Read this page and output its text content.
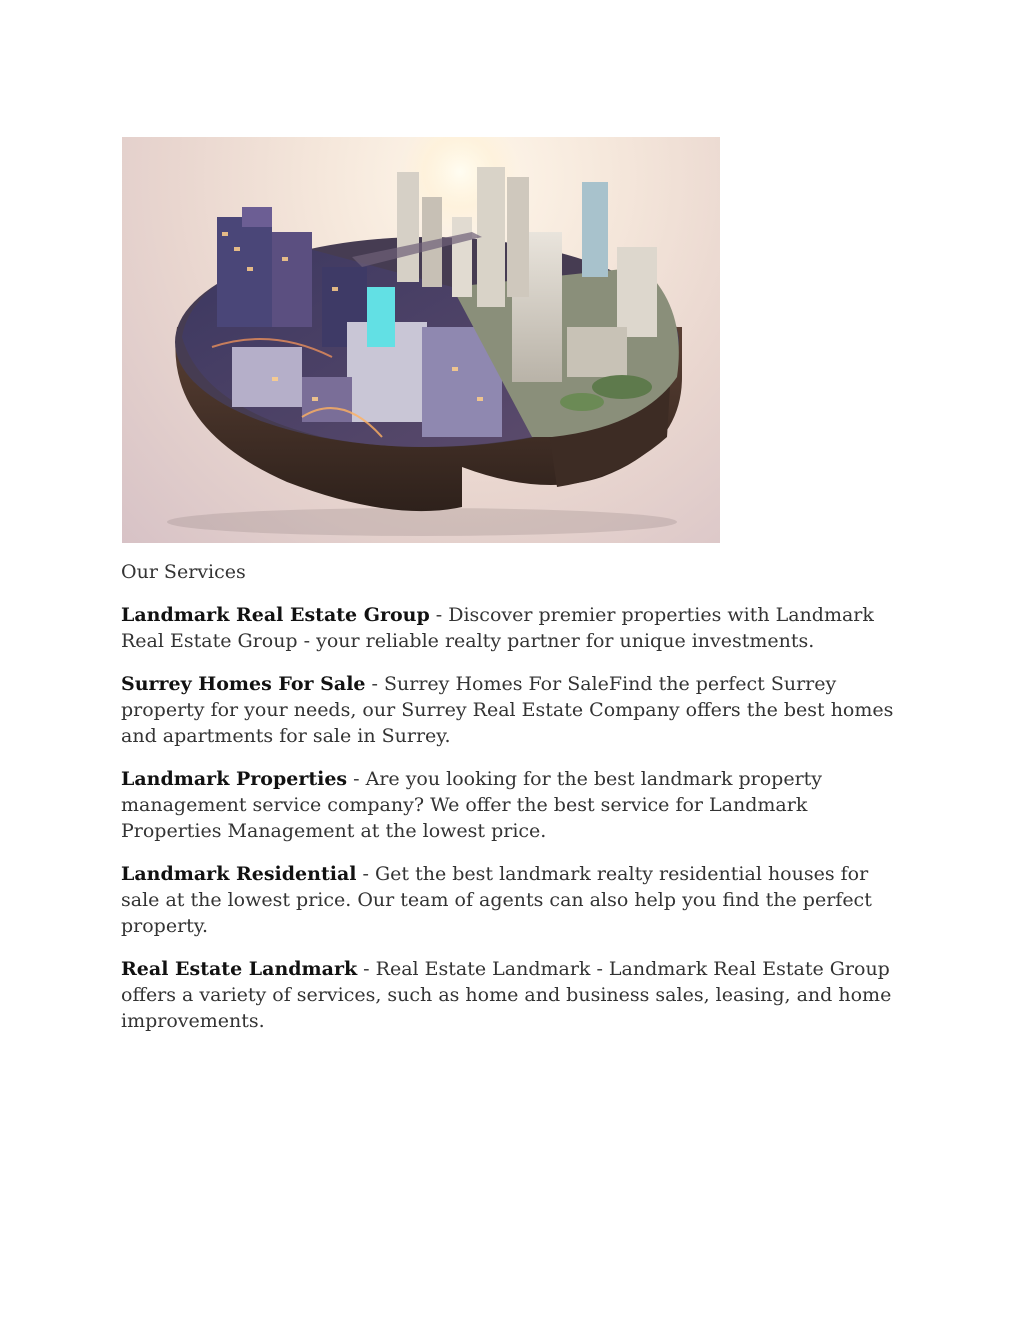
Our Services

Landmark Real Estate Group - Discover premier properties with Landmark Real Estate Group - your reliable realty partner for unique investments.

Surrey Homes For Sale - Surrey Homes For SaleFind the perfect Surrey property for your needs, our Surrey Real Estate Company offers the best homes and apartments for sale in Surrey.

Landmark Properties - Are you looking for the best landmark property management service company? We offer the best service for Landmark Properties Management at the lowest price.

Landmark Residential - Get the best landmark realty residential houses for sale at the lowest price. Our team of agents can also help you find the perfect property.

Real Estate Landmark - Real Estate Landmark - Landmark Real Estate Group offers a variety of services, such as home and business sales, leasing, and home improvements.
